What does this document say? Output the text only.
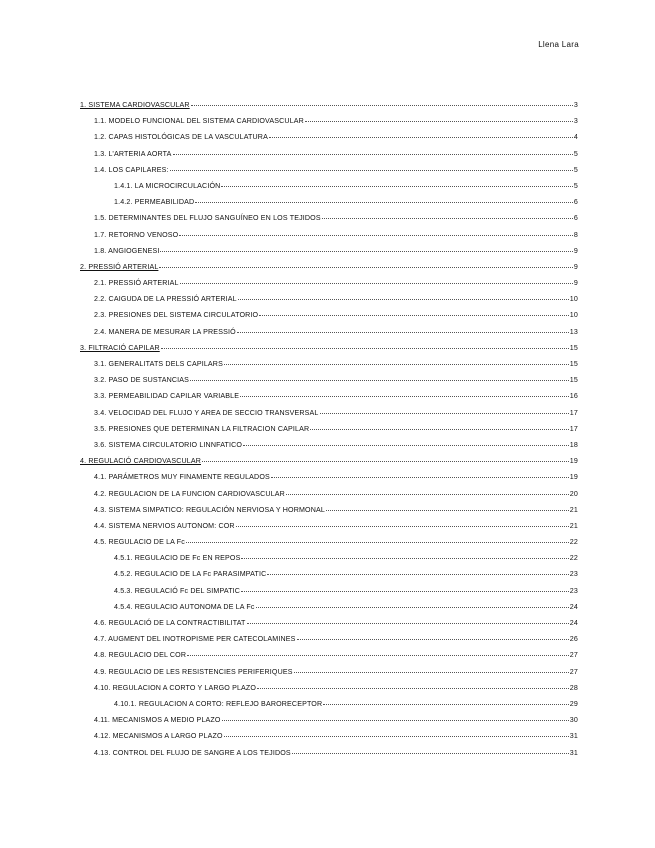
Llena Lara
1. SISTEMA CARDIOVASCULAR	3
1.1. MODELO FUNCIONAL DEL SISTEMA CARDIOVASCULAR	3
1.2. CAPAS HISTOLÓGICAS DE LA VASCULATURA	4
1.3. L’ARTERIA AORTA	5
1.4. LOS CAPILARES:	5
1.4.1. LA MICROCIRCULACIÓN	5
1.4.2. PERMEABILIDAD	6
1.5. DETERMINANTES DEL FLUJO SANGUÍNEO EN LOS TEJIDOS	6
1.7. RETORNO VENOSO	8
1.8. ANGIOGENESI	9
2. PRESSIÓ ARTERIAL	9
2.1. PRESSIÓ ARTERIAL	9
2.2. CAIGUDA DE LA PRESSIÓ ARTERIAL	10
2.3. PRESIONES DEL SISTEMA CIRCULATORIO	10
2.4. MANERA DE MESURAR LA PRESSIÓ	13
3. FILTRACIÓ CAPILAR	15
3.1. GENERALITATS DELS CAPILARS	15
3.2. PASO DE SUSTANCIAS	15
3.3. PERMEABILIDAD CAPILAR VARIABLE	16
3.4. VELOCIDAD DEL FLUJO Y AREA DE SECCIO TRANSVERSAL	17
3.5. PRESIONES QUE DETERMINAN LA FILTRACION CAPILAR	17
3.6. SISTEMA CIRCULATORIO LINNFATICO	18
4. REGULACIÓ CARDIOVASCULAR	19
4.1. PARÁMETROS MUY FINAMENTE REGULADOS	19
4.2. REGULACION DE LA FUNCION CARDIOVASCULAR	20
4.3. SISTEMA SIMPATICO: REGULACIÓN NERVIOSA Y HORMONAL	21
4.4. SISTEMA NERVIOS AUTONOM: COR	21
4.5. REGULACIO DE LA Fc	22
4.5.1. REGULACIO DE Fc EN REPOS	22
4.5.2. REGULACIO DE LA Fc PARASIMPATIC	23
4.5.3. REGULACIÓ Fc DEL SIMPATIC	23
4.5.4. REGULACIO AUTONOMA DE LA Fc	24
4.6. REGULACIÓ DE LA CONTRACTIBILITAT	24
4.7. AUGMENT DEL INOTROPISME PER CATECOLAMINES	26
4.8. REGULACIO DEL COR	27
4.9. REGULACIO DE LES RESISTENCIES PERIFERIQUES	27
4.10. REGULACION A CORTO Y LARGO PLAZO	28
4.10.1. REGULACION A CORTO: REFLEJO BARORECEPTOR	29
4.11. MECANISMOS A MEDIO PLAZO	30
4.12. MECANISMOS A LARGO PLAZO	31
4.13. CONTROL DEL FLUJO DE SANGRE A LOS TEJIDOS	31
